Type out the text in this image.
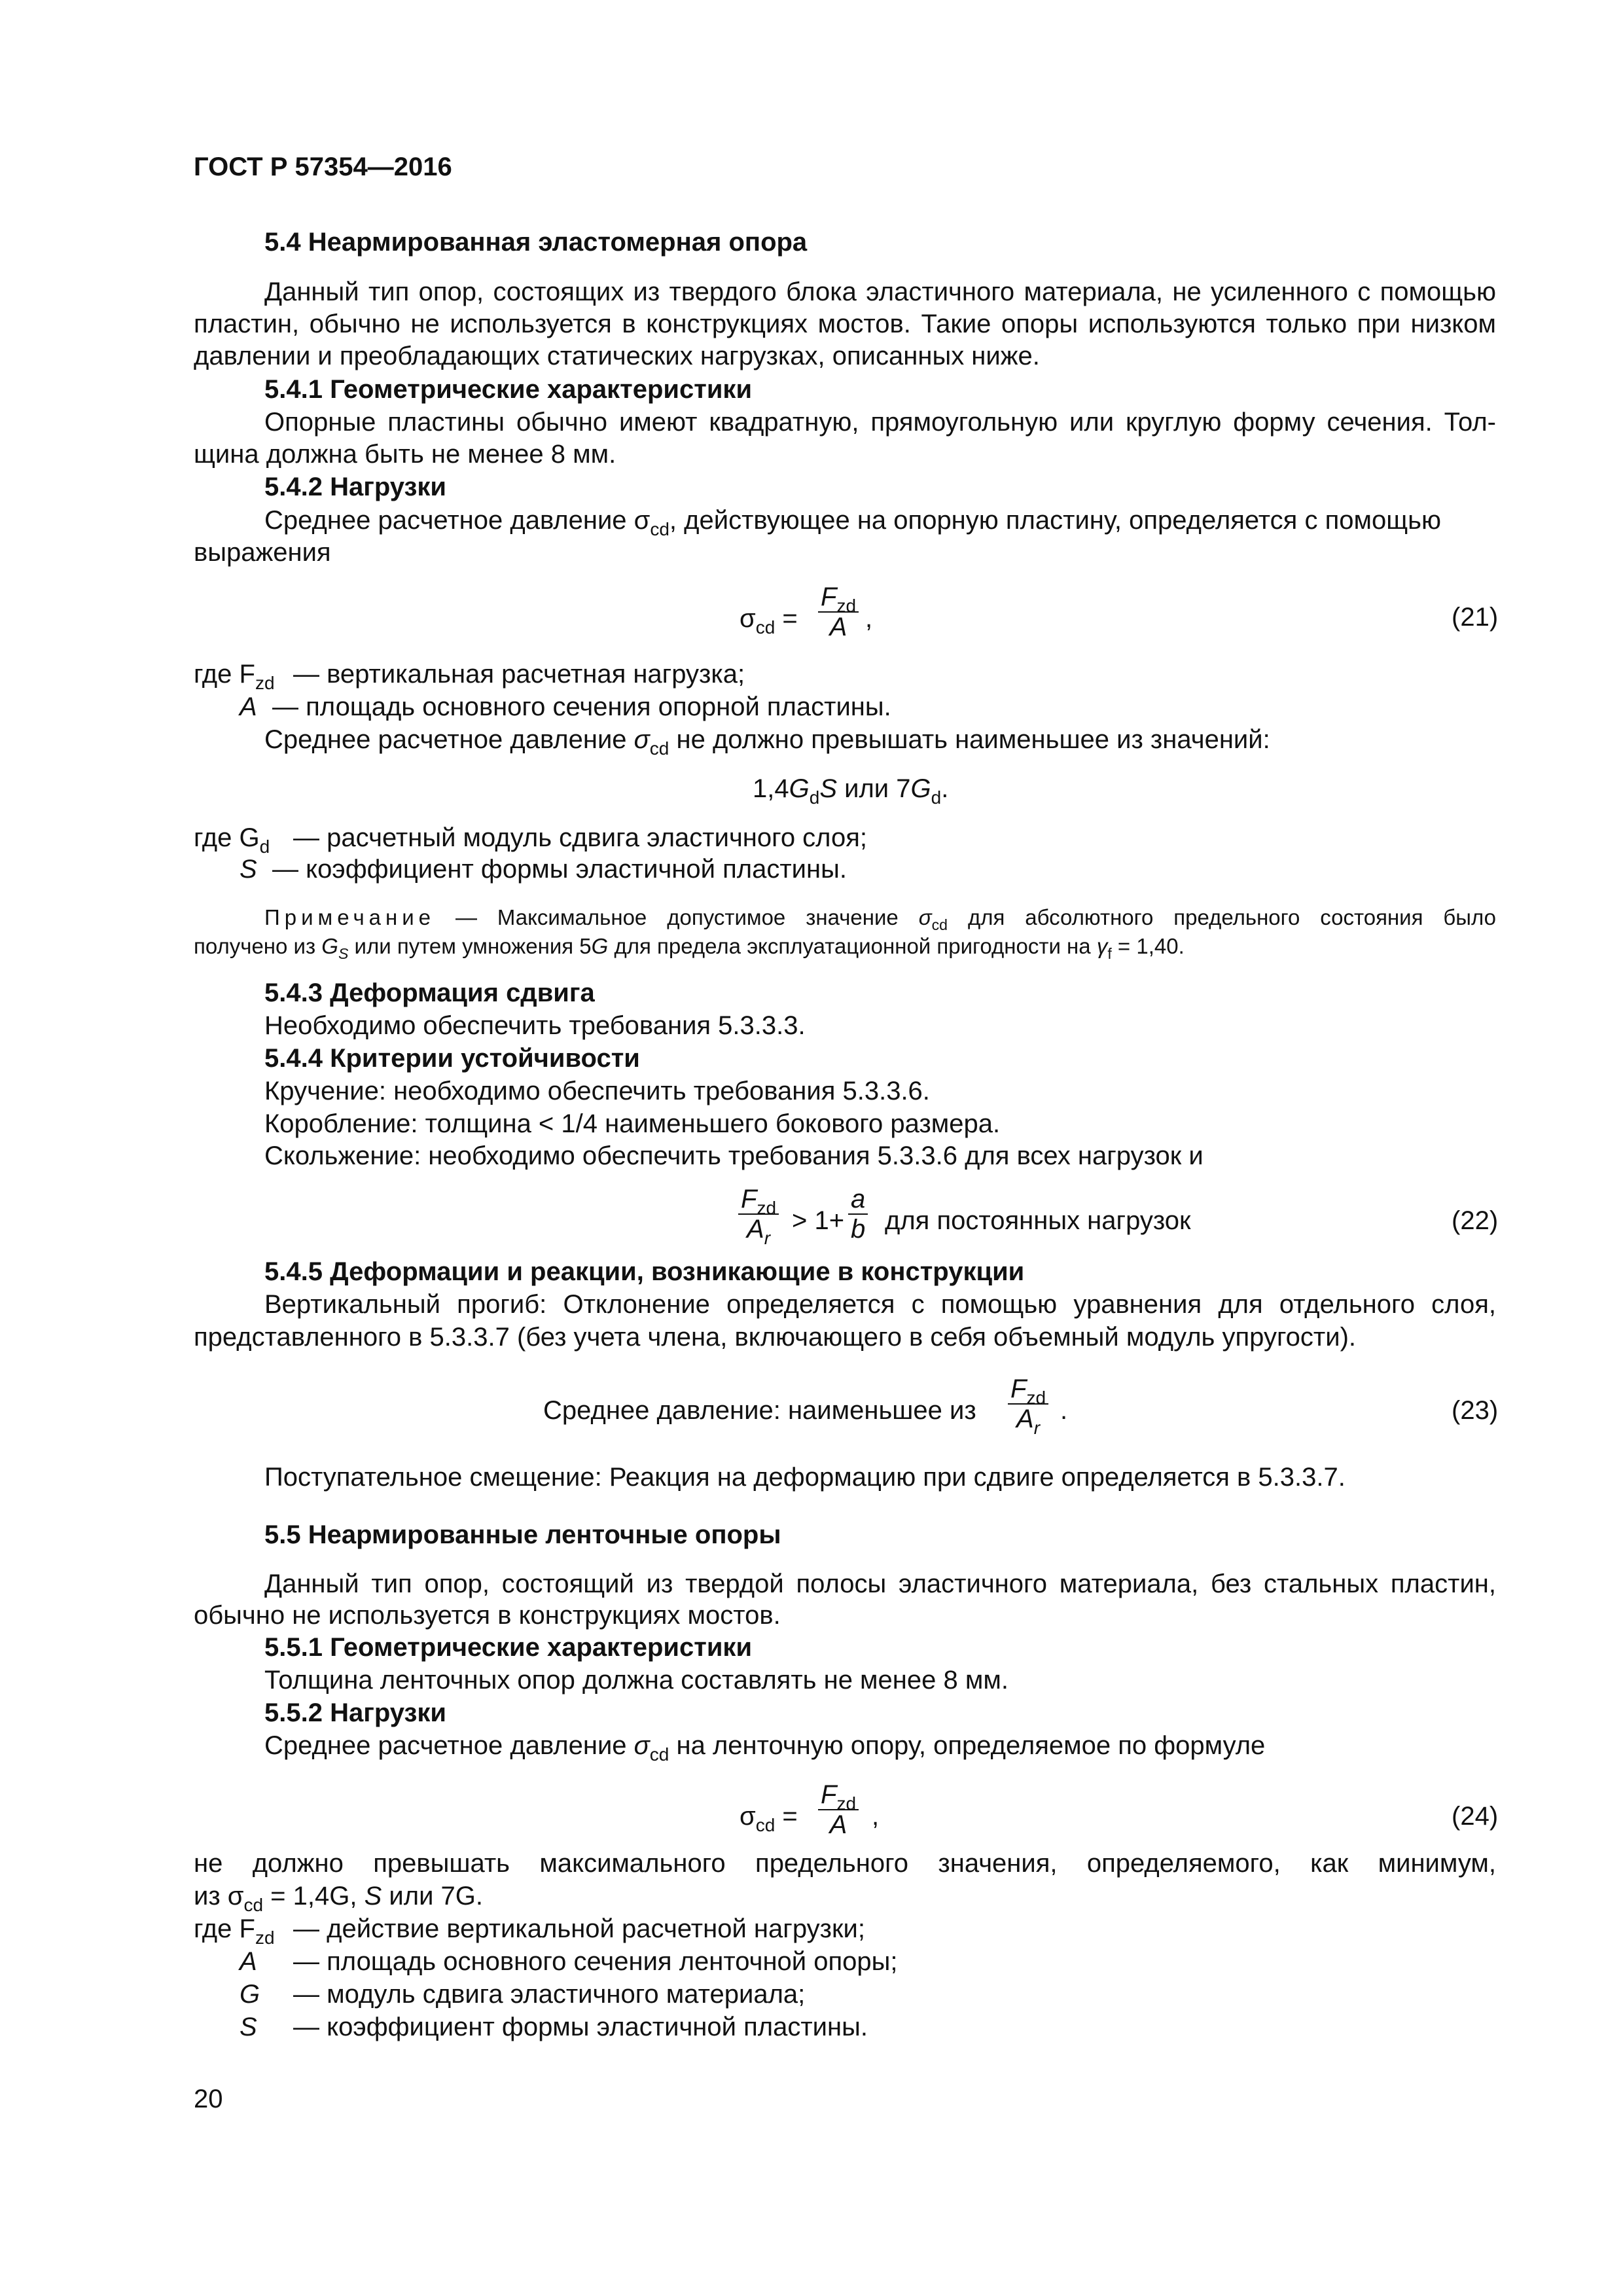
ГОСТ Р 57354—2016
5.4 Неармированная эластомерная опора
Данный тип опор, состоящих из твердого блока эластичного материала, не усиленного с помощью
пластин, обычно не используется в конструкциях мостов. Такие опоры используются только при низком
давлении и преобладающих статических нагрузках, описанных ниже.
5.4.1 Геометрические характеристики
Опорные пластины обычно имеют квадратную, прямоугольную или круглую форму сечения. Тол-
щина должна быть не менее 8 мм.
5.4.2 Нагрузки
Среднее расчетное давление $\sigma_{cd}$, действующее на опорную пластину, определяется с помощью
выражения
$\sigma_{cd}$ =
$F_{zd}$
A ,	(21)
где $F_{zd}$ — вертикальная расчетная нагрузка;
A — площадь основного сечения опорной пластины.
Среднее расчетное давление $\sigma_{cd}$ не должно превышать наименьшее из значений:
$1,4G_dS$ или $7G_d$.
где $G_d$ — расчетный модуль сдвига эластичного слоя;
S — коэффициент формы эластичной пластины.
Примечание — Максимальное допустимое значение $\sigma_{cd}$ для абсолютного предельного состояния было
получено из $G_S$ или путем умножения 5G для предела эксплуатационной пригодности на $\gamma_f = 1,40$.
5.4.3 Деформация сдвига
Необходимо обеспечить требования 5.3.3.3.
5.4.4 Критерии устойчивости
Кручение: необходимо обеспечить требования 5.3.3.6.
Коробление: толщина < 1/4 наименьшего бокового размера.
Скольжение: необходимо обеспечить требования 5.3.3.6 для всех нагрузок и
$F_{zd}$
$A_r$
> $1+ \frac{a}{b}$ для постоянных нагрузок	(22)
5.4.5 Деформации и реакции, возникающие в конструкции
Вертикальный прогиб: Отклонение определяется с помощью уравнения для отдельного слоя,
представленного в 5.3.3.7 (без учета члена, включающего в себя объемный модуль упругости).
Среднее давление: наименьшее из
$F_{zd}$
$A_r$
.	(23)
Поступательное смещение: Реакция на деформацию при сдвиге определяется в 5.3.3.7.
5.5 Неармированные ленточные опоры
Данный тип опор, состоящий из твердой полосы эластичного материала, без стальных пластин,
обычно не используется в конструкциях мостов.
5.5.1 Геометрические характеристики
Толщина ленточных опор должна составлять не менее 8 мм.
5.5.2 Нагрузки
Среднее расчетное давление $\sigma_{cd}$ на ленточную опору, определяемое по формуле
$\sigma_{cd}$ =
$F_{zd}$
A ,	(24)
не должно превышать максимального предельного значения, определяемого, как минимум,
из $\sigma_{cd} = 1,4G$, S или 7G.
где $F_{zd}$ — действие вертикальной расчетной нагрузки;
A — площадь основного сечения ленточной опоры;
G — модуль сдвига эластичного материала;
S — коэффициент формы эластичной пластины.
20
